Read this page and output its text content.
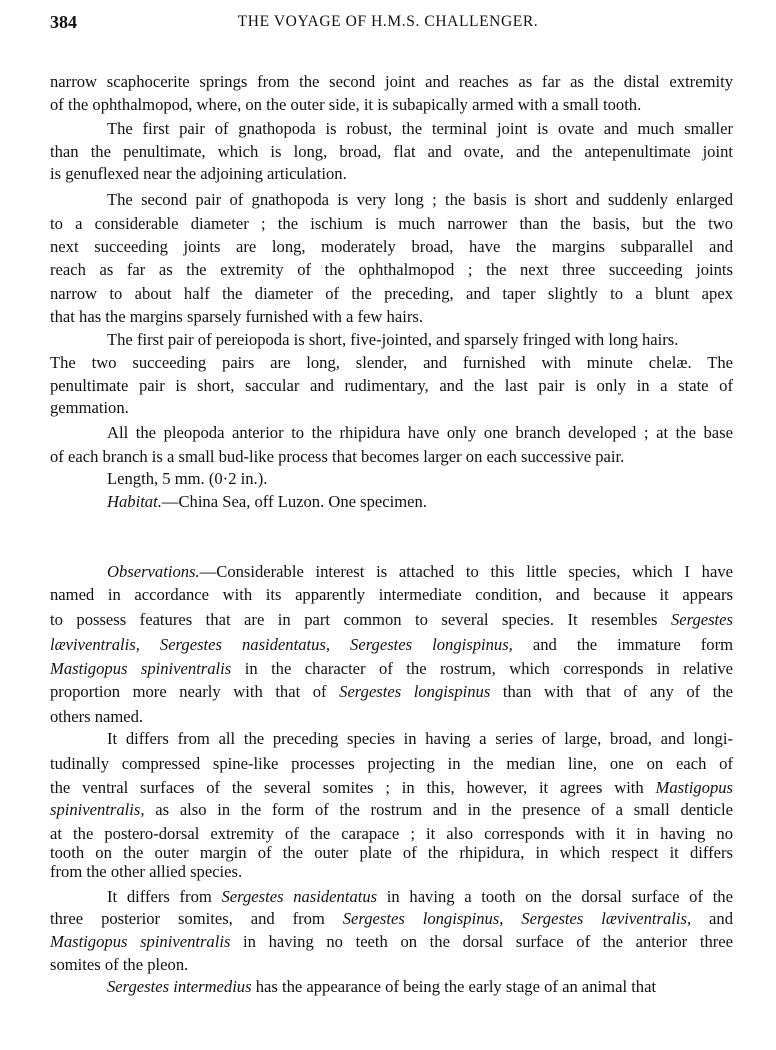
384	THE VOYAGE OF H.M.S. CHALLENGER.
narrow scaphocerite springs from the second joint and reaches as far as the distal extremity
of the ophthalmopod, where, on the outer side, it is subapically armed with a small tooth.
The first pair of gnathopoda is robust, the terminal joint is ovate and much smaller
than the penultimate, which is long, broad, flat and ovate, and the antepenultimate joint
is genuflexed near the adjoining articulation.
The second pair of gnathopoda is very long ; the basis is short and suddenly enlarged
to a considerable diameter ; the ischium is much narrower than the basis, but the two
next succeeding joints are long, moderately broad, have the margins subparallel and
reach as far as the extremity of the ophthalmopod ; the next three succeeding joints
narrow to about half the diameter of the preceding, and taper slightly to a blunt apex
that has the margins sparsely furnished with a few hairs.
The first pair of pereiopoda is short, five-jointed, and sparsely fringed with long hairs.
The two succeeding pairs are long, slender, and furnished with minute chelæ. The
penultimate pair is short, saccular and rudimentary, and the last pair is only in a state of
gemmation.
All the pleopoda anterior to the rhipidura have only one branch developed ; at the base
of each branch is a small bud-like process that becomes larger on each successive pair.
Length, 5 mm. (0·2 in.).
Habitat.—China Sea, off Luzon. One specimen.
Observations.—Considerable interest is attached to this little species, which I have
named in accordance with its apparently intermediate condition, and because it appears
to possess features that are in part common to several species. It resembles Sergestes
læviventralis, Sergestes nasidentatus, Sergestes longispinus, and the immature form
Mastigopus spiniventralis in the character of the rostrum, which corresponds in relative
proportion more nearly with that of Sergestes longispinus than with that of any of the
others named.
It differs from all the preceding species in having a series of large, broad, and longi-
tudinally compressed spine-like processes projecting in the median line, one on each of
the ventral surfaces of the several somites ; in this, however, it agrees with Mastigopus
spiniventralis, as also in the form of the rostrum and in the presence of a small denticle
at the postero-dorsal extremity of the carapace ; it also corresponds with it in having no
tooth on the outer margin of the outer plate of the rhipidura, in which respect it differs
from the other allied species.
It differs from Sergestes nasidentatus in having a tooth on the dorsal surface of the
three posterior somites, and from Sergestes longispinus, Sergestes læviventralis, and
Mastigopus spiniventralis in having no teeth on the dorsal surface of the anterior three
somites of the pleon.
Sergestes intermedius has the appearance of being the early stage of an animal that
